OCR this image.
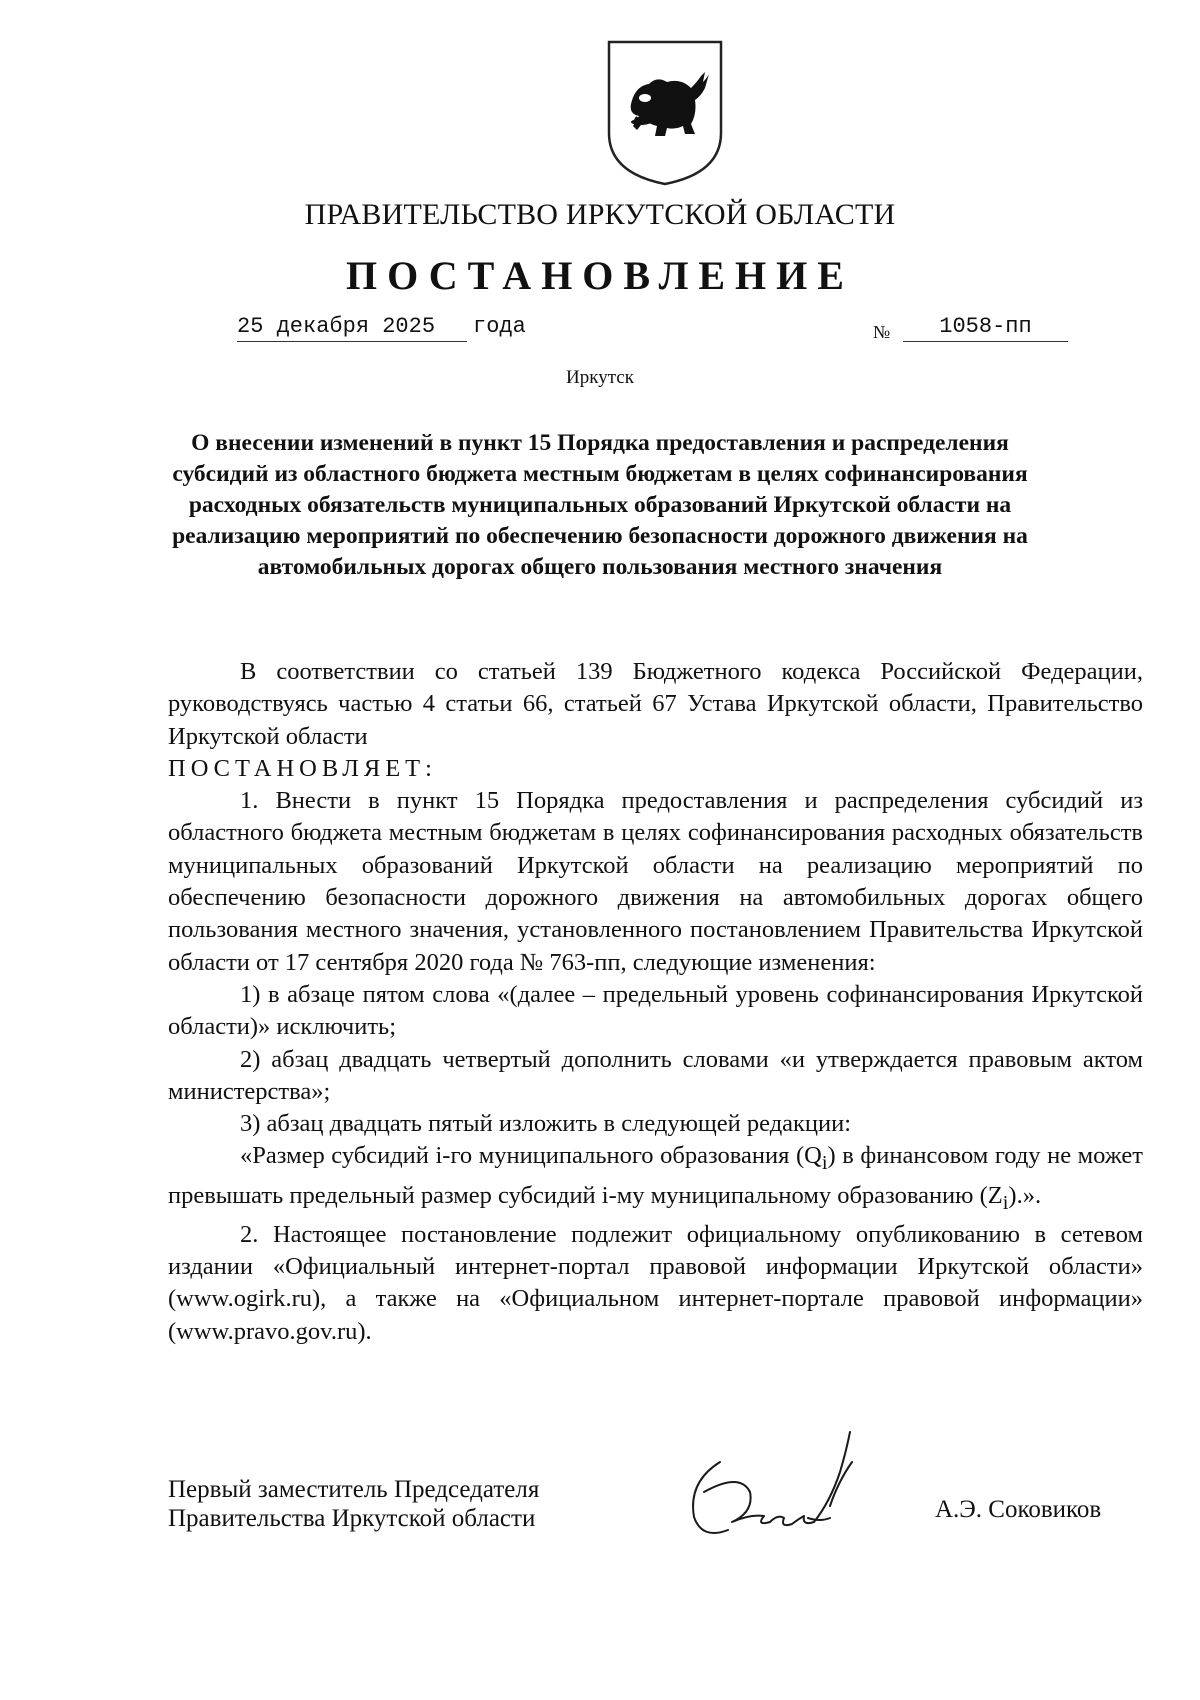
ПРАВИТЕЛЬСТВО ИРКУТСКОЙ ОБЛАСТИ
ПОСТАНОВЛЕНИЕ
25 декабря 2025	года	№	1058-пп
Иркутск
О внесении изменений в пункт 15 Порядка предоставления и распределения субсидий из областного бюджета местным бюджетам в целях софинансирования расходных обязательств муниципальных образований Иркутской области на реализацию мероприятий по обеспечению безопасности дорожного движения на автомобильных дорогах общего пользования местного значения

В соответствии со статьей 139 Бюджетного кодекса Российской Федерации, руководствуясь частью 4 статьи 66, статьей 67 Устава Иркутской области, Правительство Иркутской области

ПОСТАНОВЛЯЕТ:

1. Внести в пункт 15 Порядка предоставления и распределения субсидий из областного бюджета местным бюджетам в целях софинансирования расходных обязательств муниципальных образований Иркутской области на реализацию мероприятий по обеспечению безопасности дорожного движения на автомобильных дорогах общего пользования местного значения, установленного постановлением Правительства Иркутской области от 17 сентября 2020 года № 763-пп, следующие изменения:

1) в абзаце пятом слова «(далее – предельный уровень софинансирования Иркутской области)» исключить;

2) абзац двадцать четвертый дополнить словами «и утверждается правовым актом министерства»;

3) абзац двадцать пятый изложить в следующей редакции:

«Размер субсидий i-го муниципального образования $(Q_i)$ в финансовом году не может превышать предельный размер субсидий i-му муниципальному образованию $(Z_i)$.».

2. Настоящее постановление подлежит официальному опубликованию в сетевом издании «Официальный интернет-портал правовой информации Иркутской области» (www.ogirk.ru), а также на «Официальном интернет-портале правовой информации» (www.pravo.gov.ru).

Первый заместитель Председателя
Правительства Иркутской области	А.Э. Соковиков
